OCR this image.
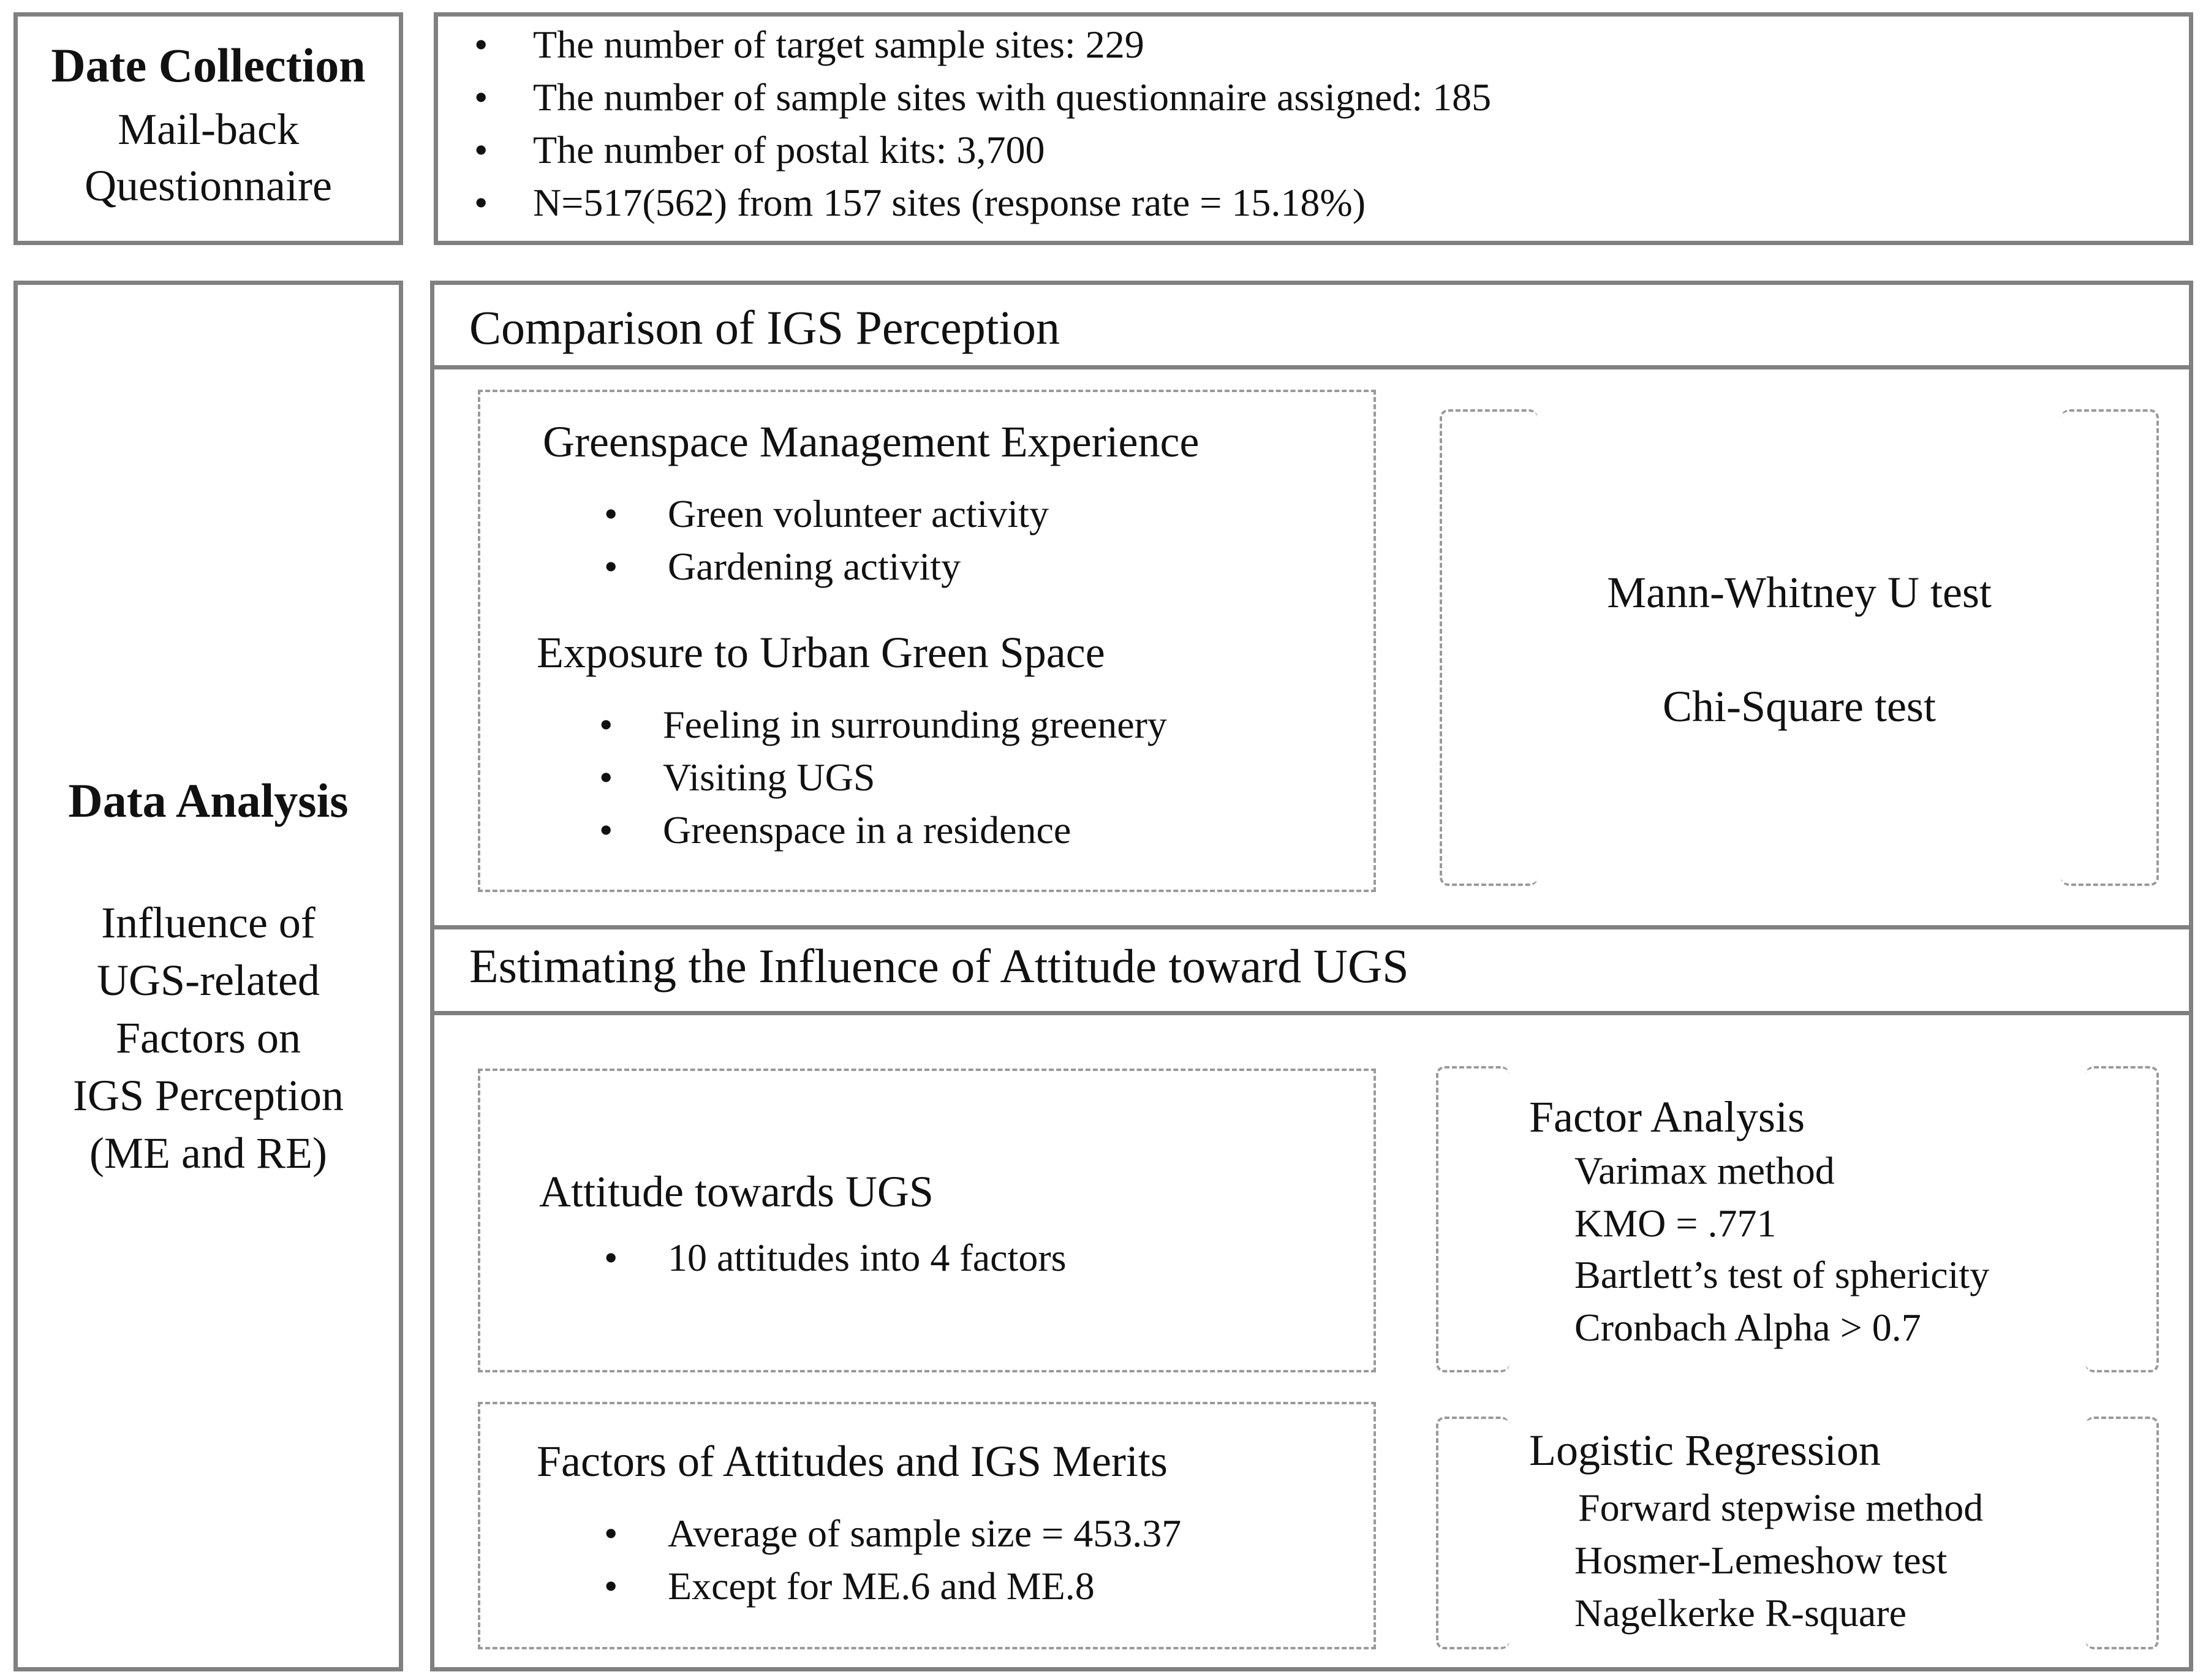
Date Collection
Mail-back
Questionnaire
• The number of target sample sites: 229
• The number of sample sites with questionnaire assigned: 185
• The number of postal kits: 3,700
• N=517(562) from 157 sites (response rate = 15.18%)
Data Analysis
Influence of
UGS-related
Factors on
IGS Perception
(ME and RE)
Comparison of IGS Perception
Greenspace Management Experience
• Green volunteer activity
• Gardening activity
Exposure to Urban Green Space
• Feeling in surrounding greenery
• Visiting UGS
• Greenspace in a residence
Mann-Whitney U test
Chi-Square test
Estimating the Influence of Attitude toward UGS
Attitude towards UGS
• 10 attitudes into 4 factors
Factor Analysis
Varimax method
KMO = .771
Bartlett’s test of sphericity
Cronbach Alpha > 0.7
Factors of Attitudes and IGS Merits
• Average of sample size = 453.37
• Except for ME.6 and ME.8
Logistic Regression
Forward stepwise method
Hosmer-Lemeshow test
Nagelkerke R-square
